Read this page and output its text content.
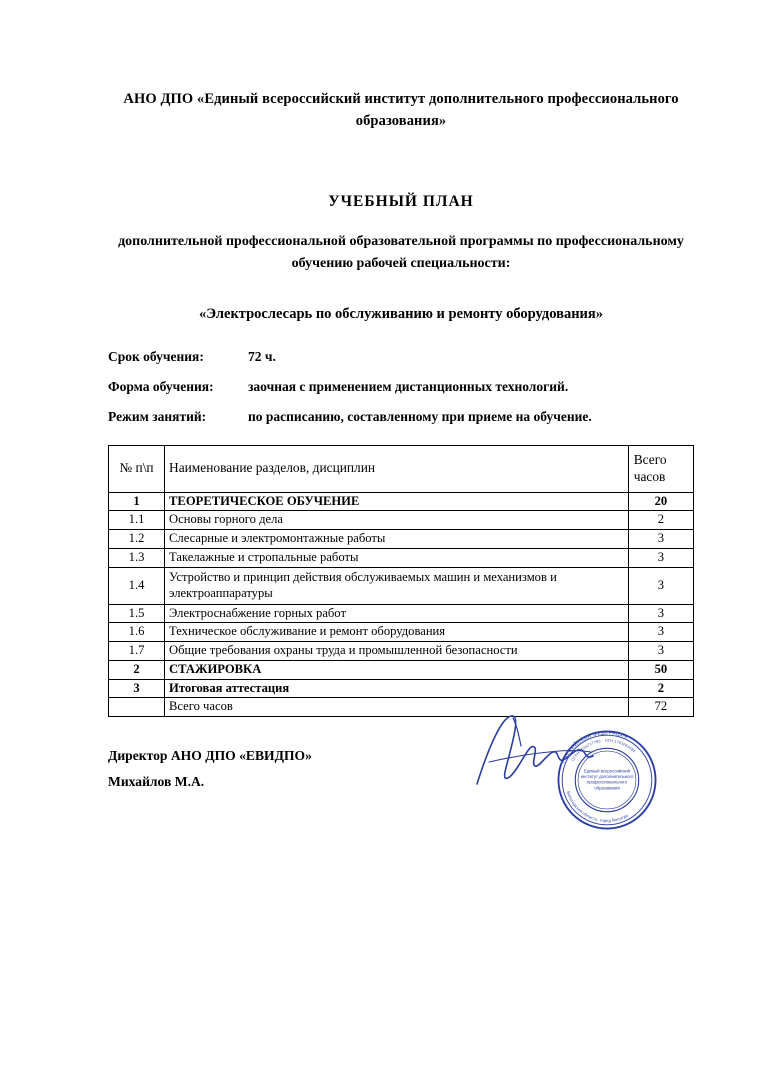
АНО ДПО «Единый всероссийский институт дополнительного профессионального образования»
УЧЕБНЫЙ ПЛАН
дополнительной профессиональной образовательной программы по профессиональному обучению рабочей специальности:
«Электрослесарь по обслуживанию и ремонту оборудования»
Срок обучения:	72 ч.
Форма обучения:	заочная с применением дистанционных технологий.
Режим занятий:	по расписанию, составленному при приеме на обучение.
№ п\п	Наименование разделов, дисциплин	Всего часов
1	ТЕОРЕТИЧЕСКОЕ ОБУЧЕНИЕ	20
1.1	Основы горного дела	2
1.2	Слесарные и электромонтажные работы	3
1.3	Такелажные и стропальные работы	3
1.4	Устройство и принцип действия обслуживаемых машин и механизмов и электроаппаратуры	3
1.5	Электроснабжение горных работ	3
1.6	Техническое обслуживание и ремонт оборудования	3
1.7	Общие требования охраны труда и промышленной безопасности	3
2	СТАЖИРОВКА	50
3	Итоговая аттестация	2
	Всего часов	72
Директор АНО ДПО «ЕВИДПО»
Михайлов М.А.
РОССИЙСКАЯ ФЕДЕРАЦИЯ
ОГРН 1516717795 · ОГН 1703269484
Вологодская область, город Вологда
Единый всероссийский
институт дополнительного
профессионального
образования
